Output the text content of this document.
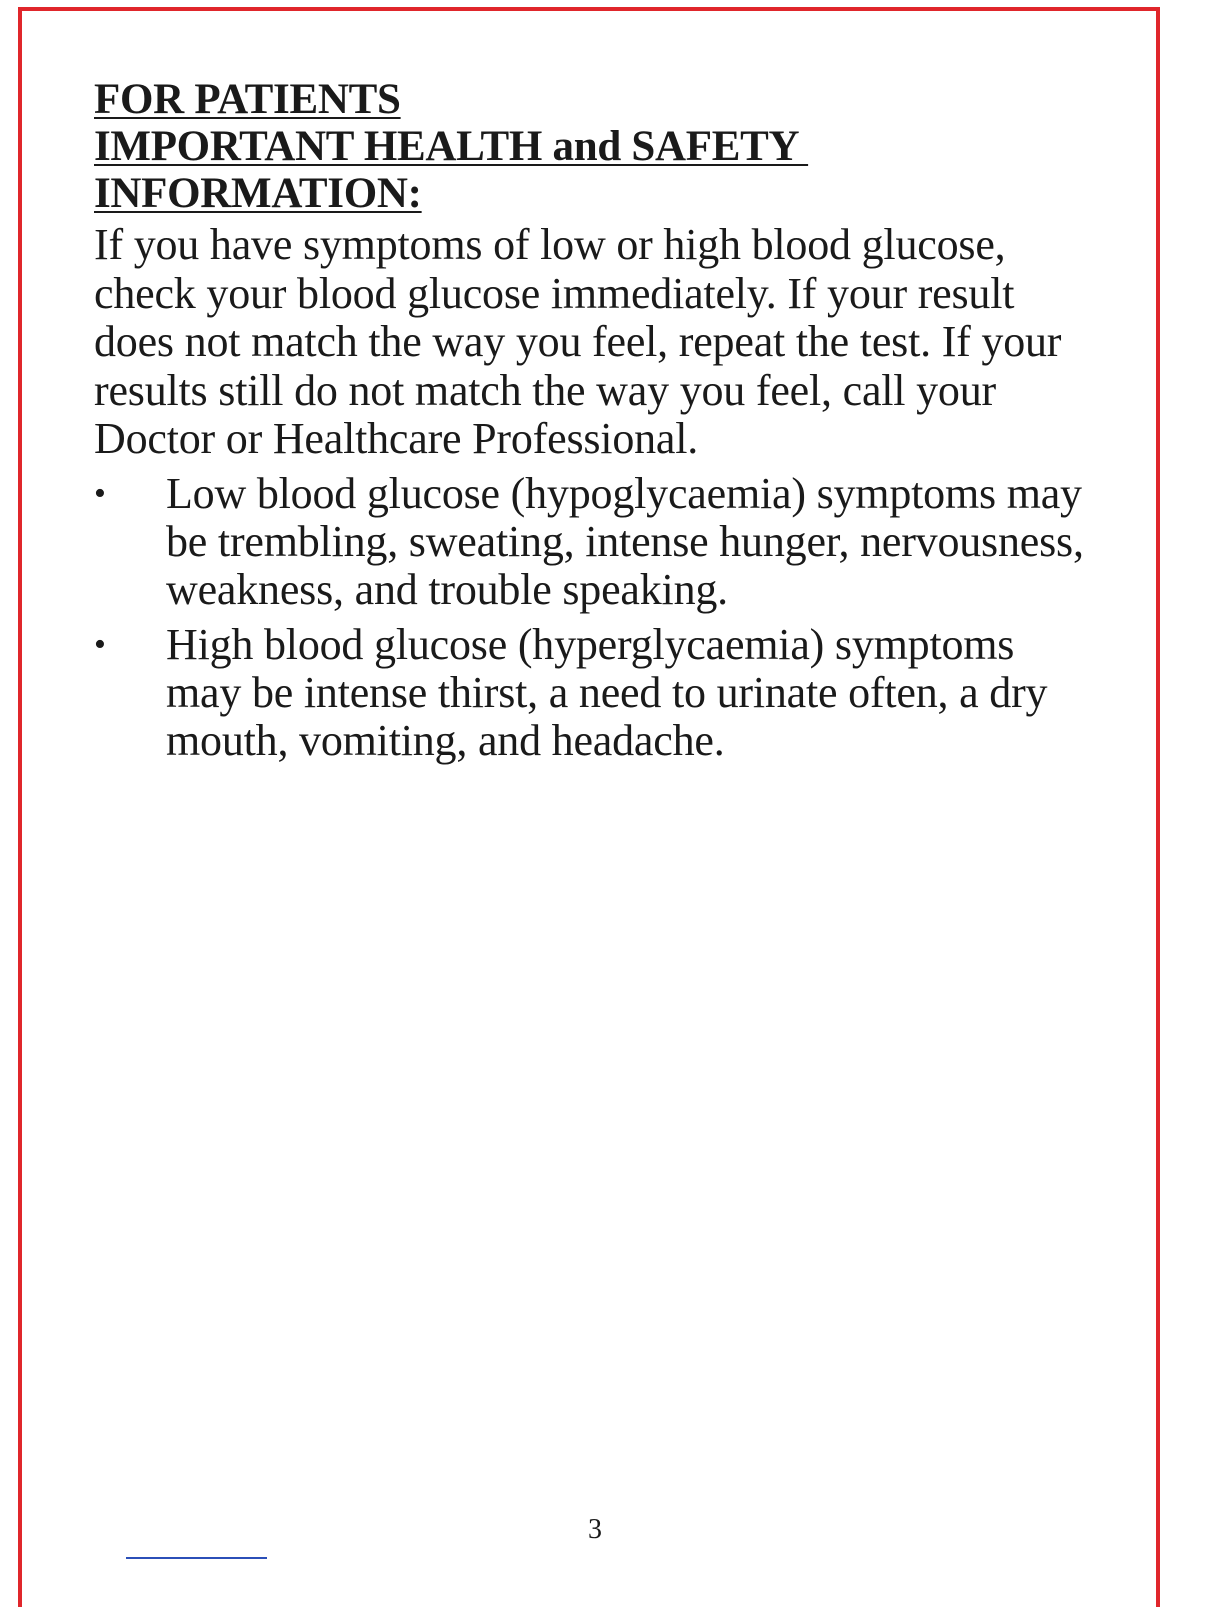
FOR PATIENTS
IMPORTANT HEALTH and SAFETY
INFORMATION:

If you have symptoms of low or high blood glucose, check your blood glucose immediately. If your result does not match the way you feel, repeat the test. If your results still do not match the way you feel, call your Doctor or Healthcare Professional.

• Low blood glucose (hypoglycaemia) symptoms may be trembling, sweating, intense hunger, nervousness, weakness, and trouble speaking.
• High blood glucose (hyperglycaemia) symptoms may be intense thirst, a need to urinate often, a dry mouth, vomiting, and headache.
3
